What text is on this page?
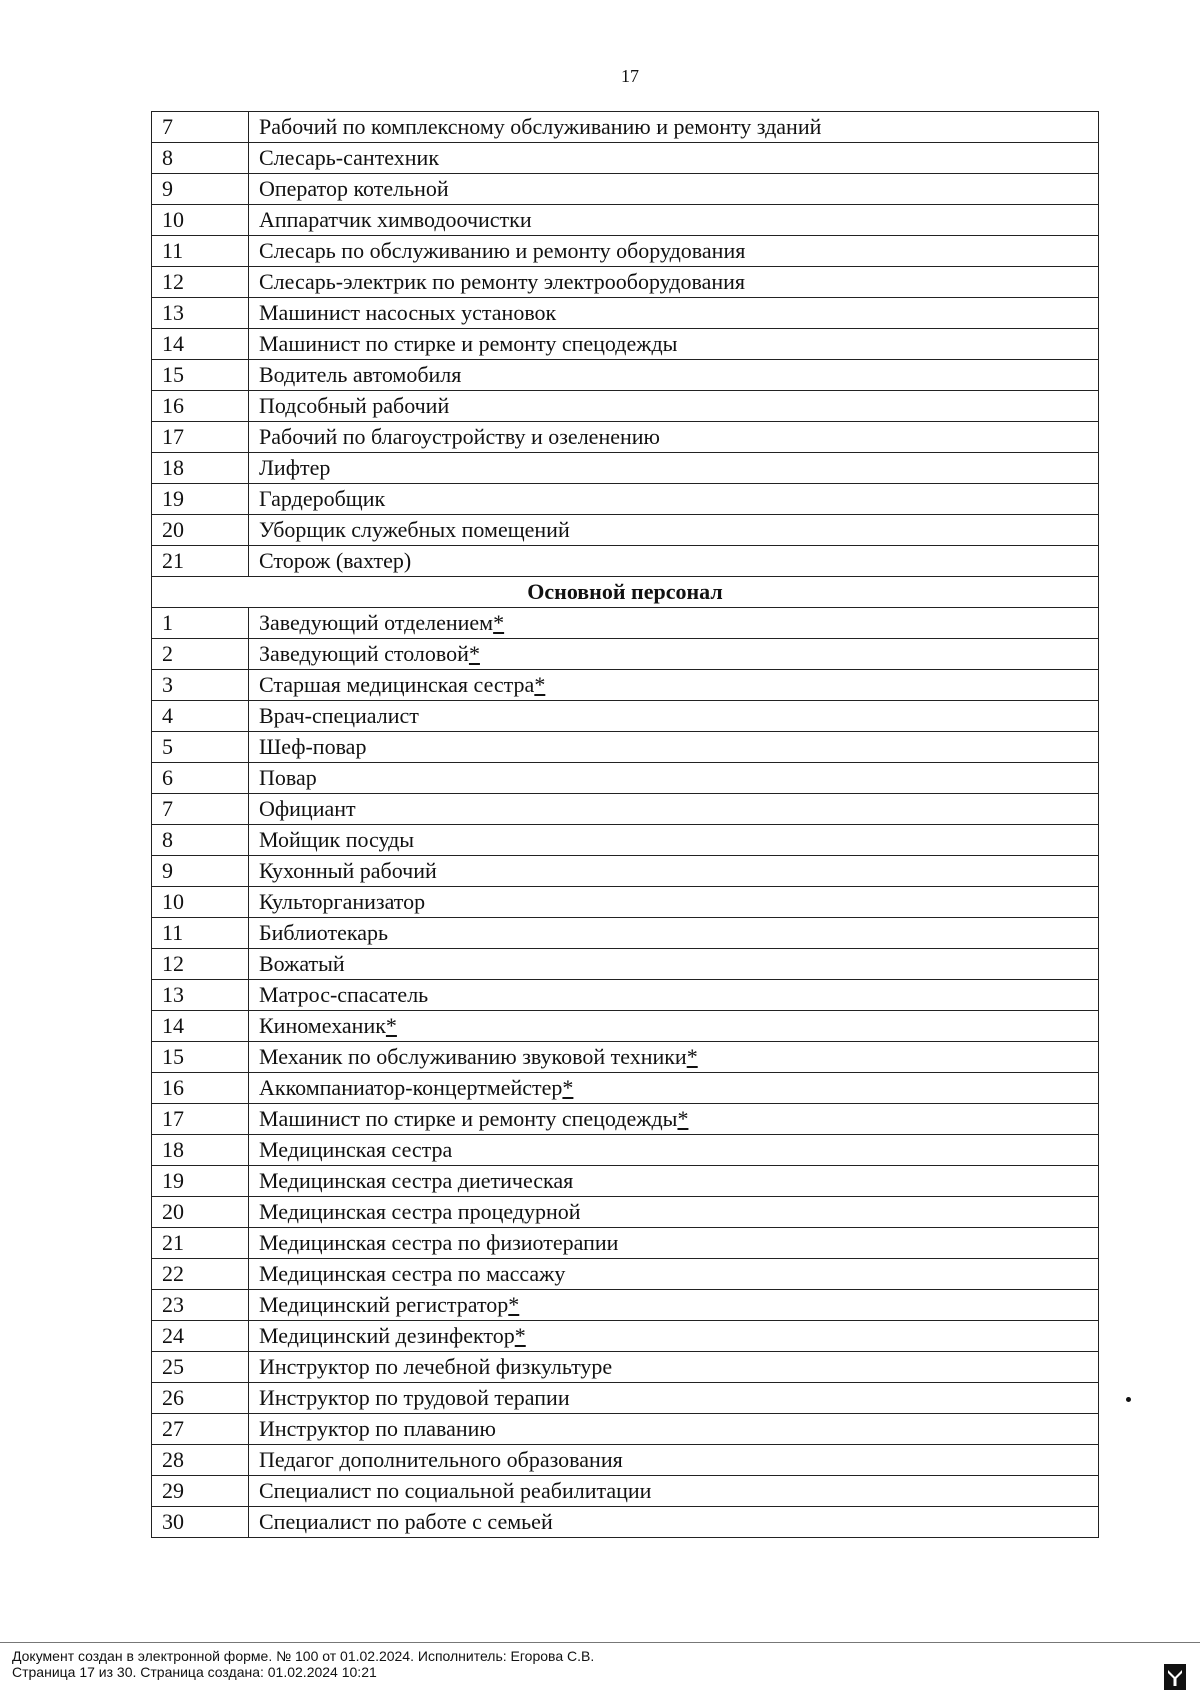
17
7	Рабочий по комплексному обслуживанию и ремонту зданий
8	Слесарь-сантехник
9	Оператор котельной
10	Аппаратчик химводоочистки
11	Слесарь по обслуживанию и ремонту оборудования
12	Слесарь-электрик по ремонту электрооборудования
13	Машинист насосных установок
14	Машинист по стирке и ремонту спецодежды
15	Водитель автомобиля
16	Подсобный рабочий
17	Рабочий по благоустройству и озеленению
18	Лифтер
19	Гардеробщик
20	Уборщик служебных помещений
21	Сторож (вахтер)
Основной персонал	
1	Заведующий отделением*
2	Заведующий столовой*
3	Старшая медицинская сестра*
4	Врач-специалист
5	Шеф-повар
6	Повар
7	Официант
8	Мойщик посуды
9	Кухонный рабочий
10	Культорганизатор
11	Библиотекарь
12	Вожатый
13	Матрос-спасатель
14	Киномеханик*
15	Механик по обслуживанию звуковой техники*
16	Аккомпаниатор-концертмейстер*
17	Машинист по стирке и ремонту спецодежды*
18	Медицинская сестра
19	Медицинская сестра диетическая
20	Медицинская сестра процедурной
21	Медицинская сестра по физиотерапии
22	Медицинская сестра по массажу
23	Медицинский регистратор*
24	Медицинский дезинфектор*
25	Инструктор по лечебной физкультуре
26	Инструктор по трудовой терапии
27	Инструктор по плаванию
28	Педагог дополнительного образования
29	Специалист по социальной реабилитации
30	Специалист по работе с семьей
Документ создан в электронной форме. № 100 от 01.02.2024. Исполнитель: Егорова С.В.
Страница 17 из 30. Страница создана: 01.02.2024 10:21
